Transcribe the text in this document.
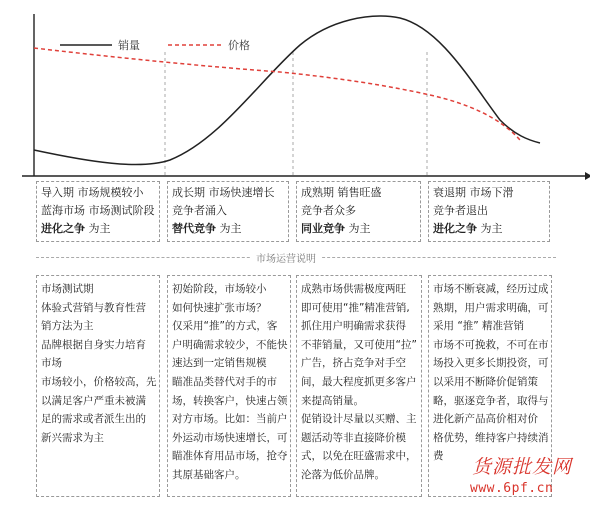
销量	价格
导入期 市场规模较小
蓝海市场 市场测试阶段
进化之争 为主
成长期 市场快速增长
竞争者涌入
替代竞争 为主
成熟期 销售旺盛
竞争者众多
同业竞争 为主
衰退期 市场下滑
竞争者退出
进化之争 为主
市场运营说明
市场测试期
体验式营销与教育性营
销方法为主
品牌根据自身实力培育
市场
市场较小，价格较高，先
以满足客户严重未被满
足的需求或者派生出的
新兴需求为主
初始阶段，市场较小
如何快速扩张市场？
仅采用“推”的方式，客
户明确需求较少，不能快
速达到一定销售规模
瞄准品类替代对手的市
场，转换客户，快速占领
对方市场。比如：当前户
外运动市场快速增长，可
瞄准体育用品市场，抢夺
其原基础客户。
成熟市场供需极度两旺
即可使用“推”精准营销,
抓住用户明确需求获得
不菲销量，又可使用“拉”
广告，挤占竞争对手空
间，最大程度抓更多客户
来提高销量。
促销设计尽量以买赠、主
题活动等非直接降价模
式，以免在旺盛需求中，
沦落为低价品牌。
市场不断衰减，经历过成
熟期，用户需求明确，可
采用 “推” 精准营销
市场不可挽救，不可在市
场投入更多长期投资，可
以采用不断降价促销策
略，驱逐竞争者，取得与
进化新产品高价相对价
格优势，维持客户持续消
费	货源批发网
www.6pf.cn
